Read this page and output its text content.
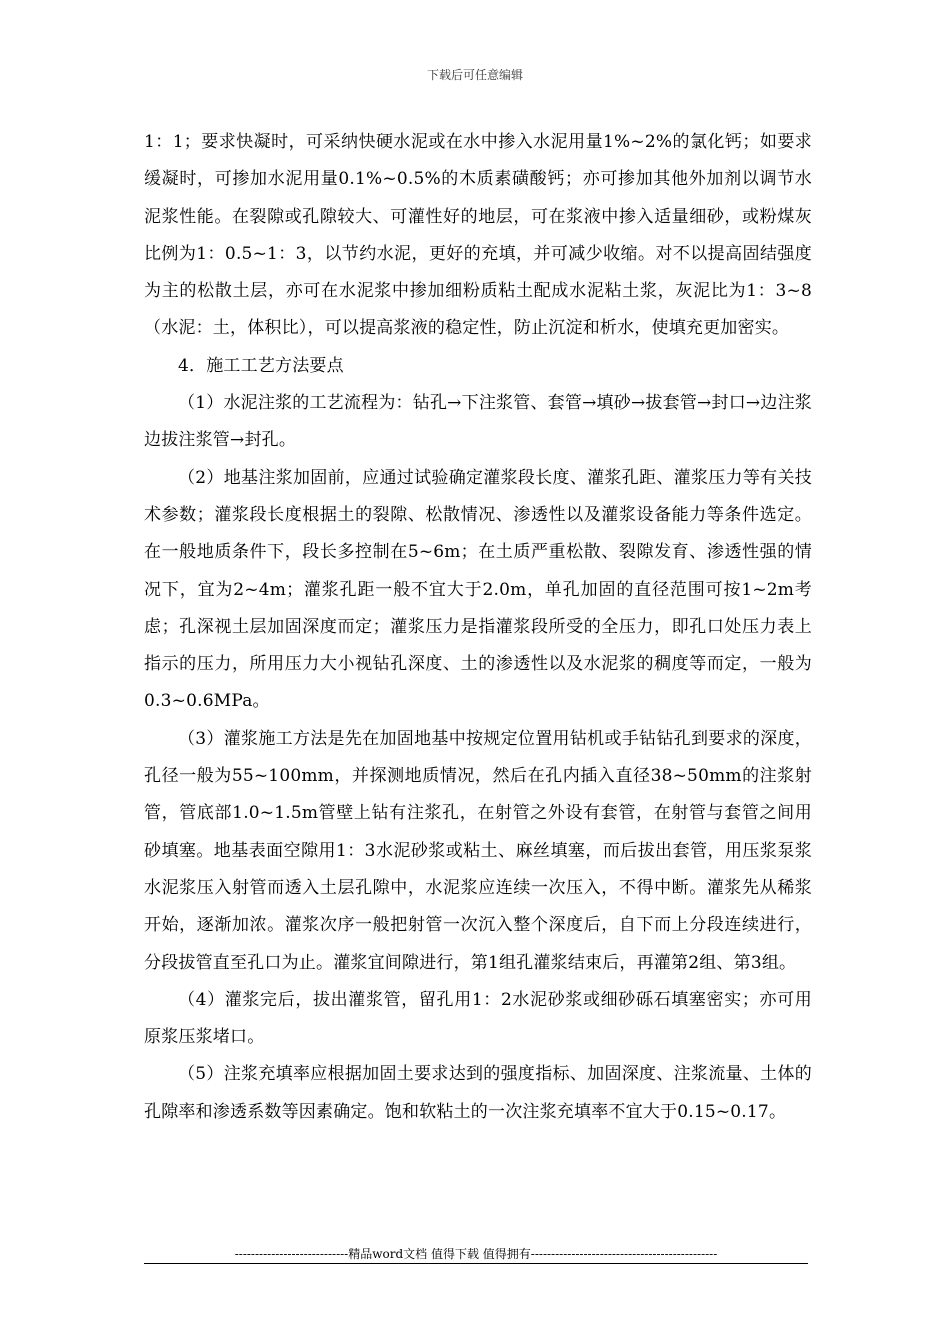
下载后可任意编辑

1：1；要求快凝时，可采纳快硬水泥或在水中掺入水泥用量1%~2%的氯化钙；如要求缓凝时，可掺加水泥用量0.1%~0.5%的木质素磺酸钙；亦可掺加其他外加剂以调节水泥浆性能。在裂隙或孔隙较大、可灌性好的地层，可在浆液中掺入适量细砂，或粉煤灰比例为1：0.5~1：3，以节约水泥，更好的充填，并可减少收缩。对不以提高固结强度为主的松散土层，亦可在水泥浆中掺加细粉质粘土配成水泥粘土浆，灰泥比为1：3~8（水泥：土，体积比），可以提高浆液的稳定性，防止沉淀和析水，使填充更加密实。

4．施工工艺方法要点

（1）水泥注浆的工艺流程为：钻孔→下注浆管、套管→填砂→拔套管→封口→边注浆边拔注浆管→封孔。

（2）地基注浆加固前，应通过试验确定灌浆段长度、灌浆孔距、灌浆压力等有关技术参数；灌浆段长度根据土的裂隙、松散情况、渗透性以及灌浆设备能力等条件选定。在一般地质条件下，段长多控制在5~6m；在土质严重松散、裂隙发育、渗透性强的情况下，宜为2~4m；灌浆孔距一般不宜大于2.0m，单孔加固的直径范围可按1~2m考虑；孔深视土层加固深度而定；灌浆压力是指灌浆段所受的全压力，即孔口处压力表上指示的压力，所用压力大小视钻孔深度、土的渗透性以及水泥浆的稠度等而定，一般为0.3~0.6MPa。

（3）灌浆施工方法是先在加固地基中按规定位置用钻机或手钻钻孔到要求的深度，孔径一般为55~100mm，并探测地质情况，然后在孔内插入直径38~50mm的注浆射管，管底部1.0~1.5m管壁上钻有注浆孔，在射管之外设有套管，在射管与套管之间用砂填塞。地基表面空隙用1：3水泥砂浆或粘土、麻丝填塞，而后拔出套管，用压浆泵浆水泥浆压入射管而透入土层孔隙中，水泥浆应连续一次压入，不得中断。灌浆先从稀浆开始，逐渐加浓。灌浆次序一般把射管一次沉入整个深度后，自下而上分段连续进行，分段拔管直至孔口为止。灌浆宜间隙进行，第1组孔灌浆结束后，再灌第2组、第3组。

（4）灌浆完后，拔出灌浆管，留孔用1：2水泥砂浆或细砂砾石填塞密实；亦可用原浆压浆堵口。

（5）注浆充填率应根据加固土要求达到的强度指标、加固深度、注浆流量、土体的孔隙率和渗透系数等因素确定。饱和软粘土的一次注浆充填率不宜大于0.15~0.17。

----------------------------精品word文档 值得下载 值得拥有----------------------------------------------
